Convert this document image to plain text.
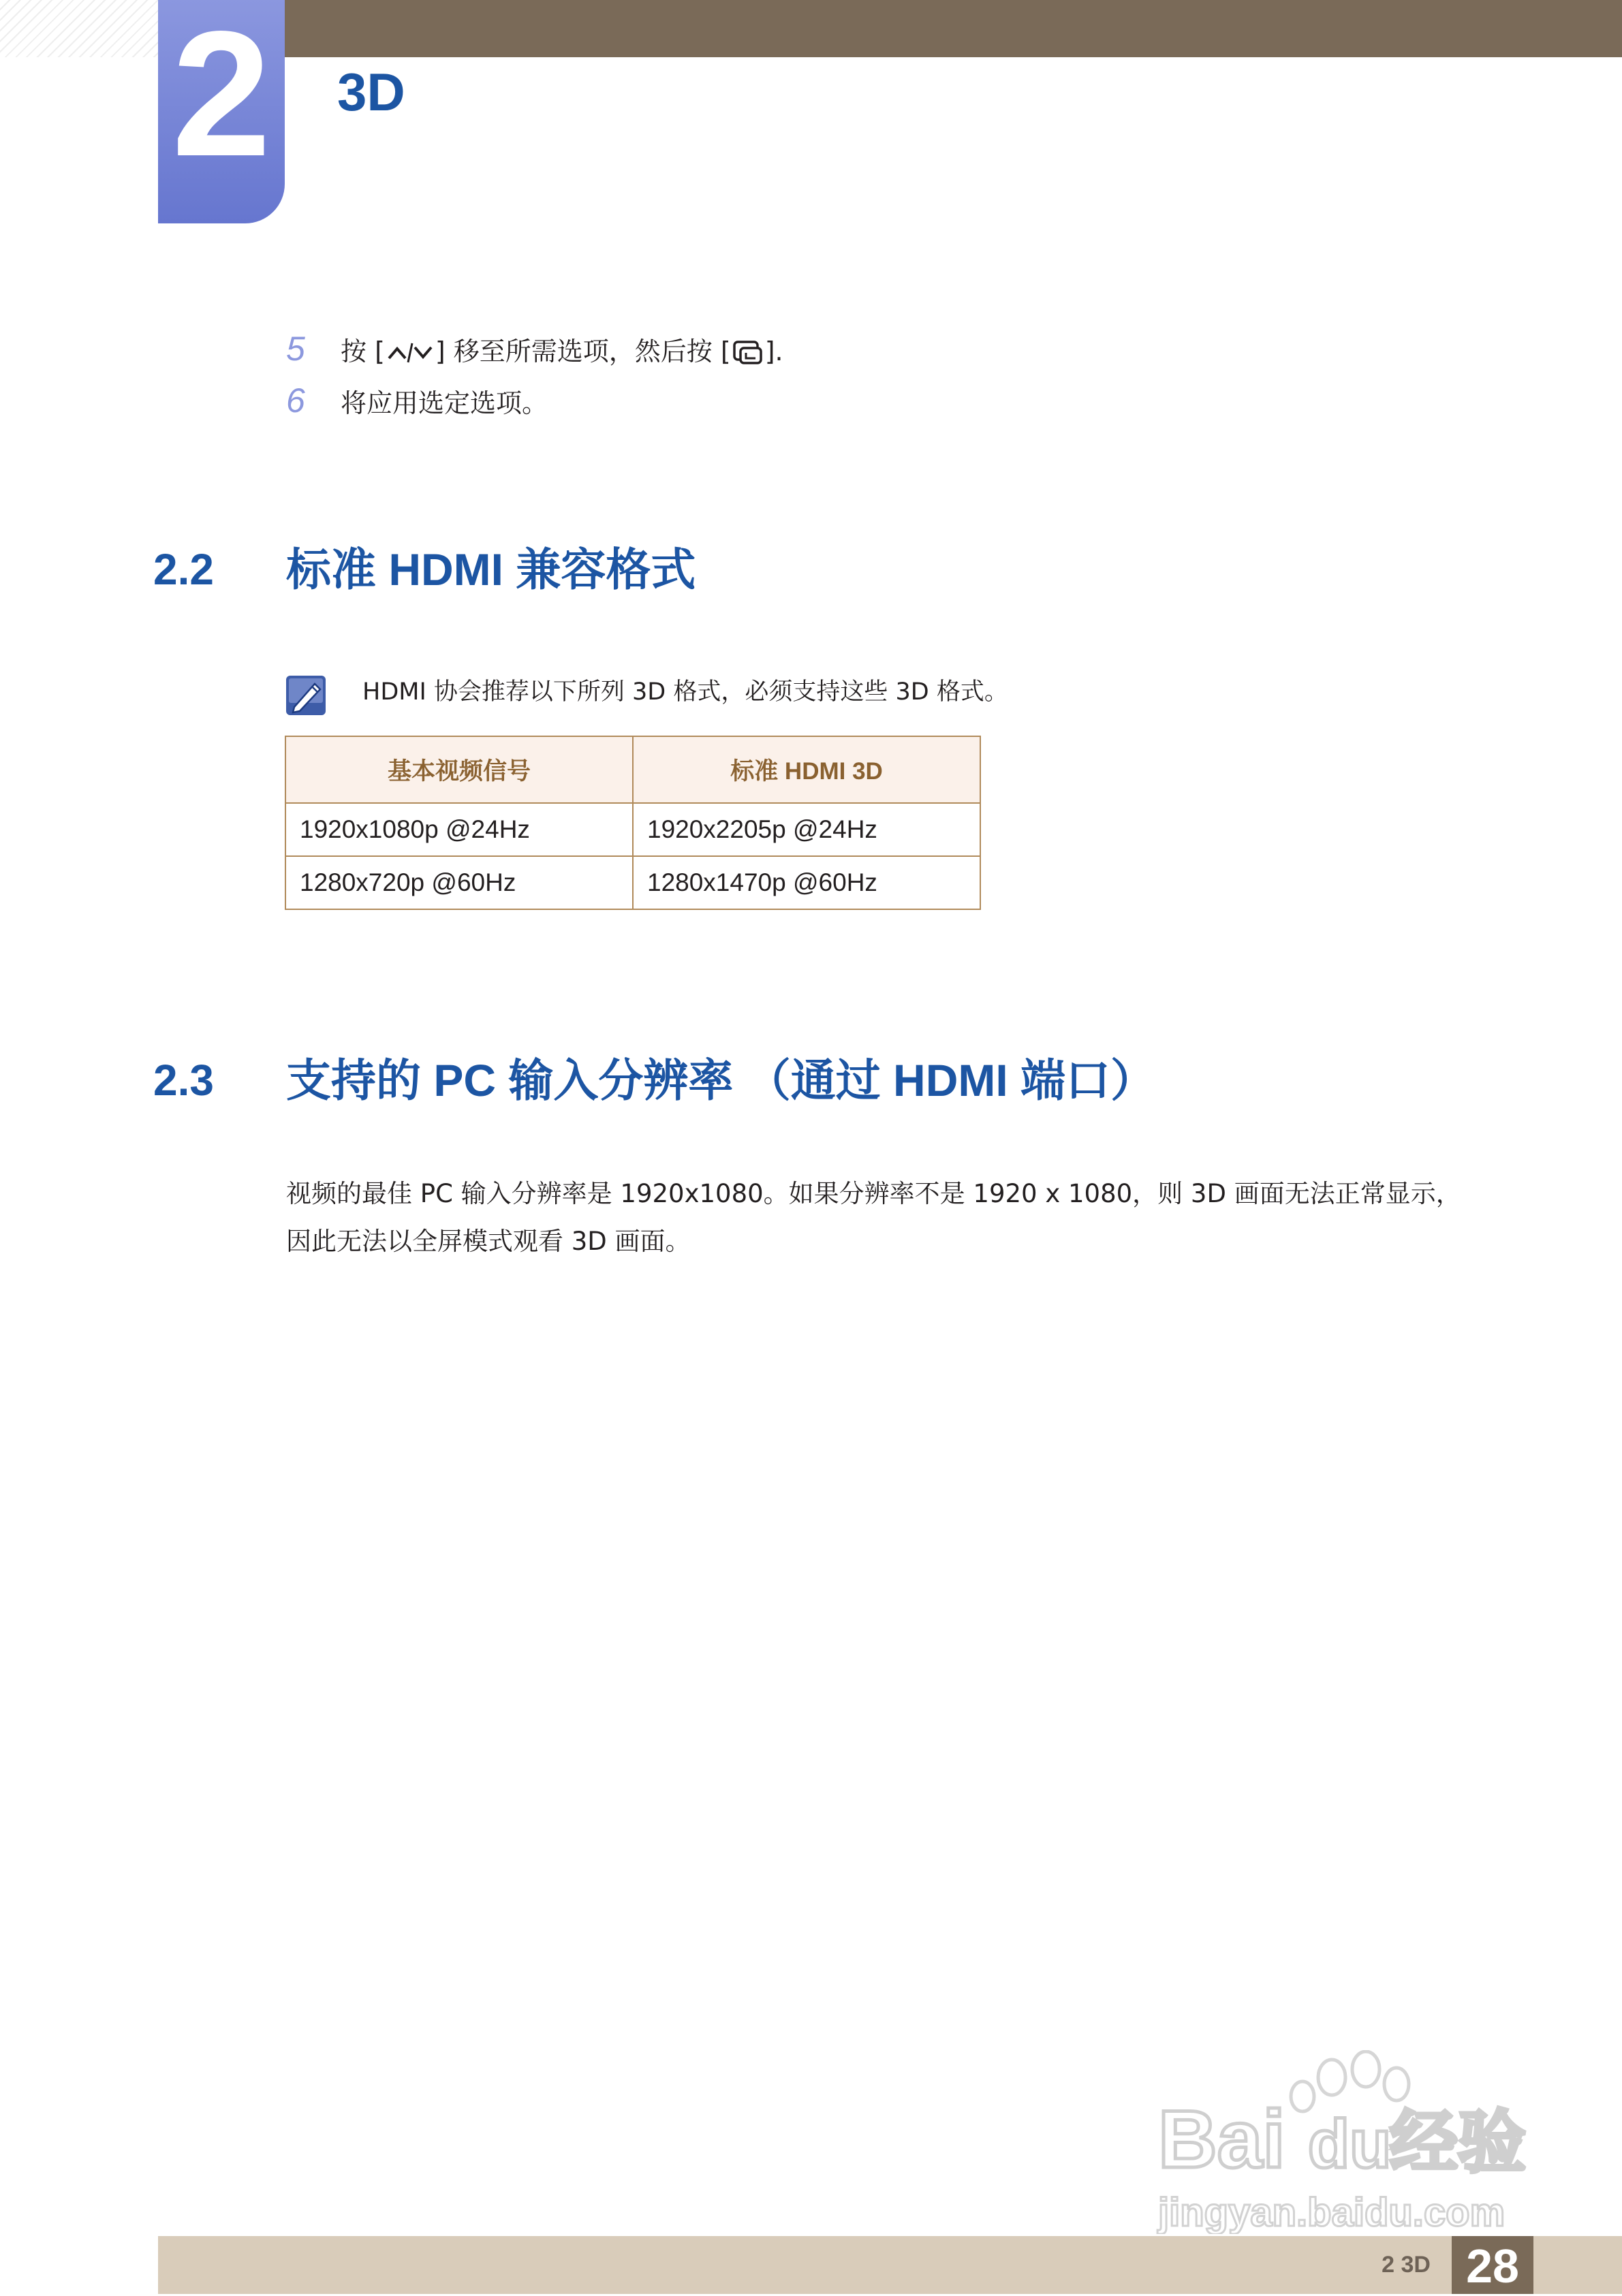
2 3D
5	按 [ ] 移至所需选项，然后按 [ ].
6	将应用选定选项。
2.2 标准 HDMI 兼容格式
HDMI 协会推荐以下所列 3D 格式，必须支持这些 3D 格式。
基本视频信号	标准 HDMI 3D
1920x1080p @24Hz	1920x2205p @24Hz
1280x720p @60Hz	1280x1470p @60Hz
2.3 支持的 PC 输入分辨率 （通过 HDMI 端口）

视频的最佳 PC 输入分辨率是 1920x1080。如果分辨率不是 1920 x 1080，则 3D 画面无法正常显示，

因此无法以全屏模式观看 3D 画面。

Bai du
经验
jingyan.baidu.com
2 3D 28
